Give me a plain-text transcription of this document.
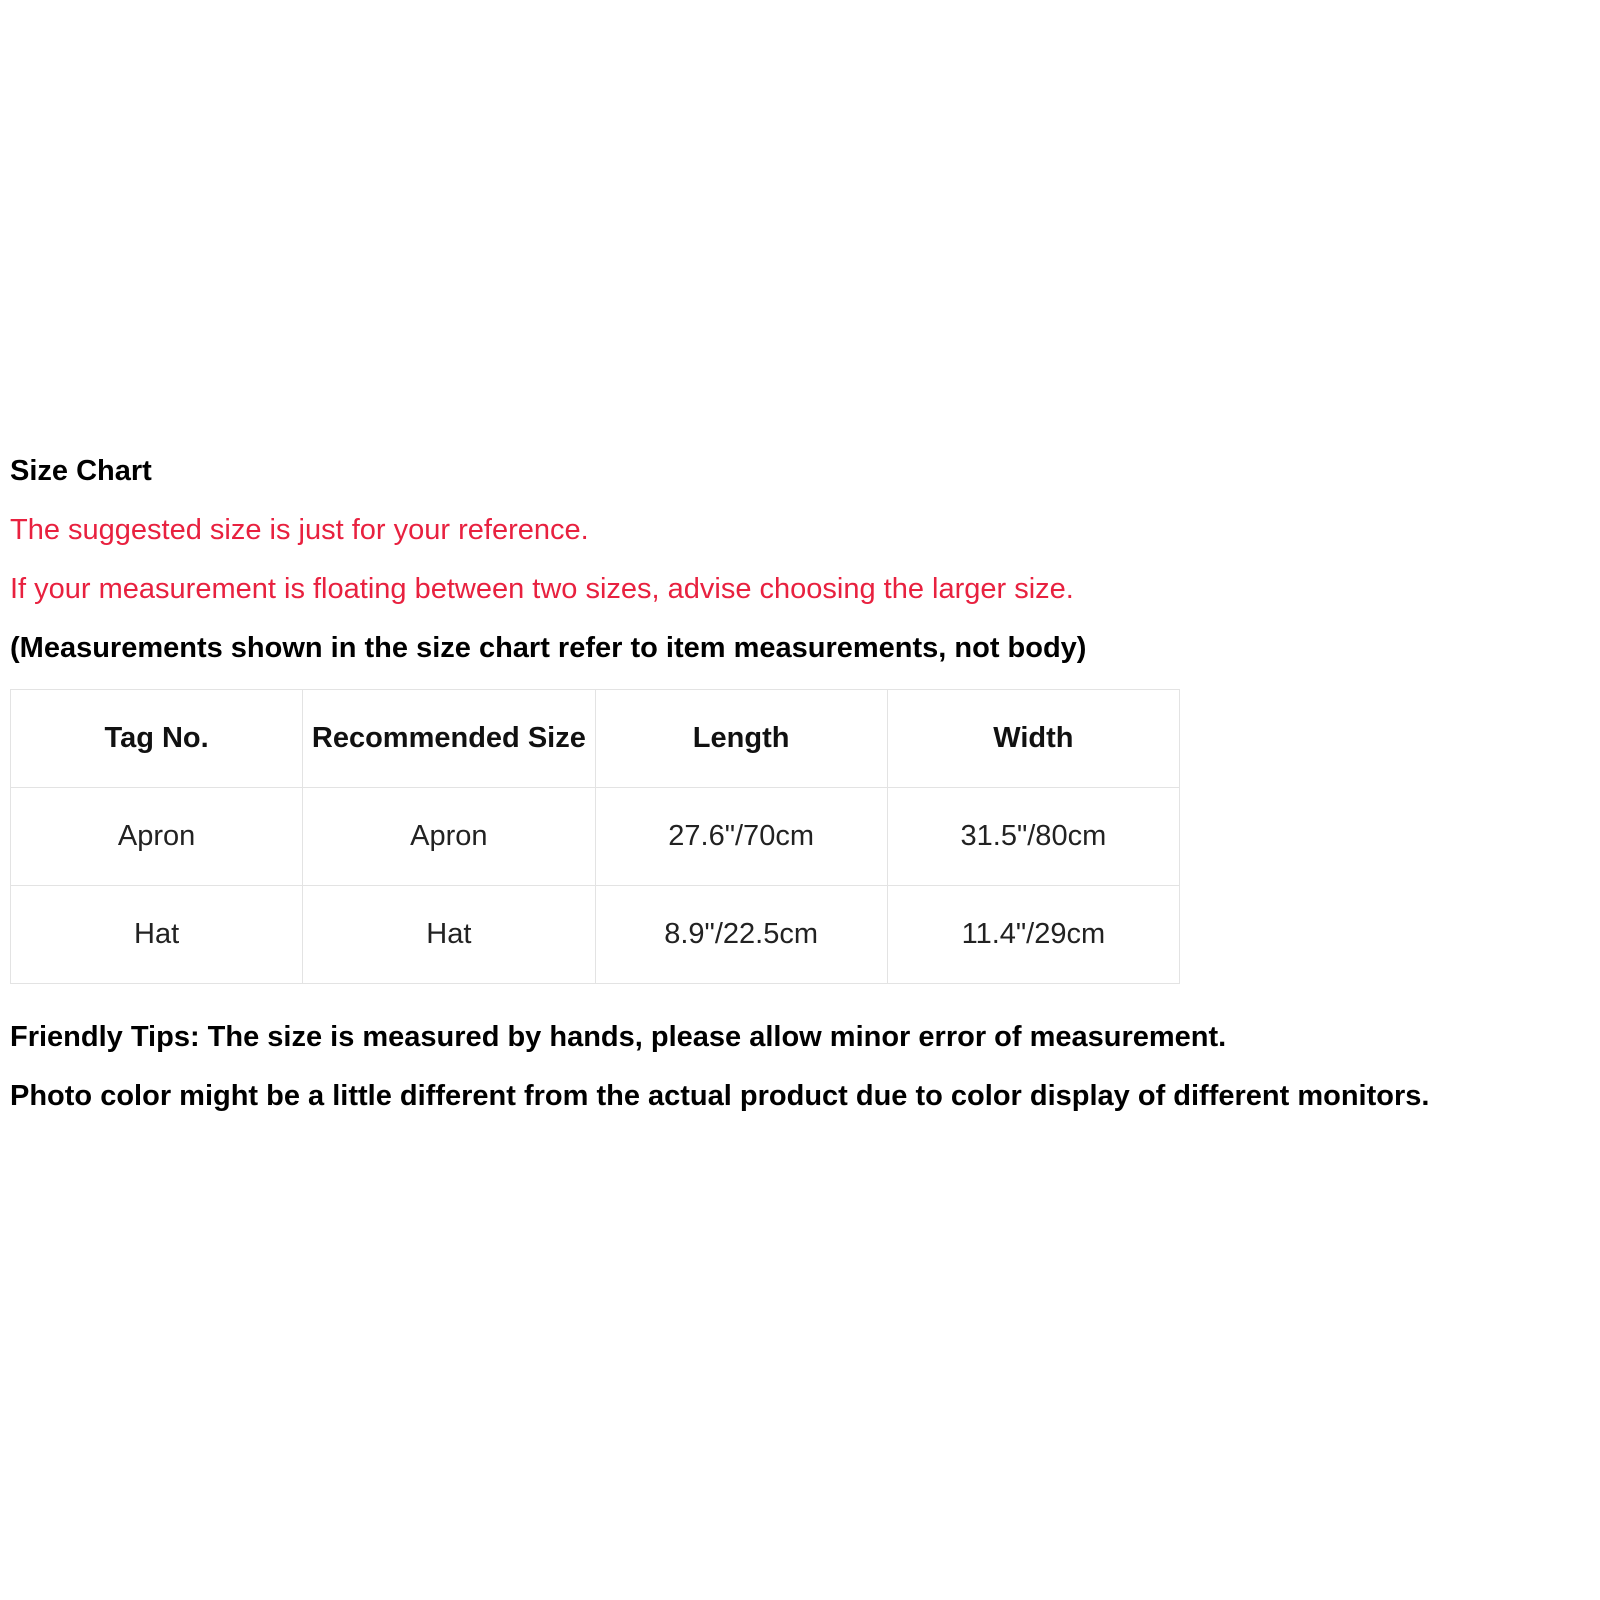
Size Chart
The suggested size is just for your reference.
If your measurement is floating between two sizes, advise choosing the larger size.
(Measurements shown in the size chart refer to item measurements, not body)
Tag No.	Recommended Size	Length	Width
Apron	Apron	27.6"/70cm	31.5"/80cm
Hat	Hat	8.9"/22.5cm	11.4"/29cm
Friendly Tips: The size is measured by hands, please allow minor error of measurement.
Photo color might be a little different from the actual product due to color display of different monitors.
